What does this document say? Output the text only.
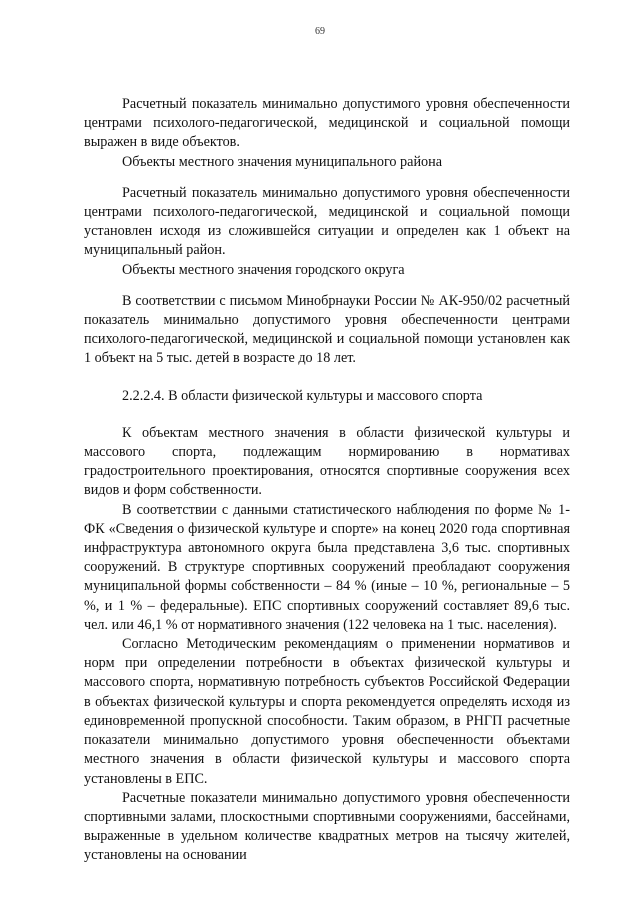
69

Расчетный показатель минимально допустимого уровня обеспеченности центрами психолого-педагогической, медицинской и социальной помощи выражен в виде объектов.

Объекты местного значения муниципального района

Расчетный показатель минимально допустимого уровня обеспеченности центрами психолого-педагогической, медицинской и социальной помощи установлен исходя из сложившейся ситуации и определен как 1 объект на муниципальный район.

Объекты местного значения городского округа

В соответствии с письмом Минобрнауки России № АК-950/02 расчетный показатель минимально допустимого уровня обеспеченности центрами психолого-педагогической, медицинской и социальной помощи установлен как 1 объект на 5 тыс. детей в возрасте до 18 лет.

2.2.2.4. В области физической культуры и массового спорта

К объектам местного значения в области физической культуры и массового спорта, подлежащим нормированию в нормативах градостроительного проектирования, относятся спортивные сооружения всех видов и форм собственности.

В соответствии с данными статистического наблюдения по форме № 1-ФК «Сведения о физической культуре и спорте» на конец 2020 года спортивная инфраструктура автономного округа была представлена 3,6 тыс. спортивных сооружений. В структуре спортивных сооружений преобладают сооружения муниципальной формы собственности – 84 % (иные – 10 %, региональные – 5 %, и 1 % – федеральные). ЕПС спортивных сооружений составляет 89,6 тыс. чел. или 46,1 % от нормативного значения (122 человека на 1 тыс. населения).

Согласно Методическим рекомендациям о применении нормативов и норм при определении потребности в объектах физической культуры и массового спорта, нормативную потребность субъектов Российской Федерации в объектах физической культуры и спорта рекомендуется определять исходя из единовременной пропускной способности. Таким образом, в РНГП расчетные показатели минимально допустимого уровня обеспеченности объектами местного значения в области физической культуры и массового спорта установлены в ЕПС.

Расчетные показатели минимально допустимого уровня обеспеченности спортивными залами, плоскостными спортивными сооружениями, бассейнами, выраженные в удельном количестве квадратных метров на тысячу жителей, установлены на основании
